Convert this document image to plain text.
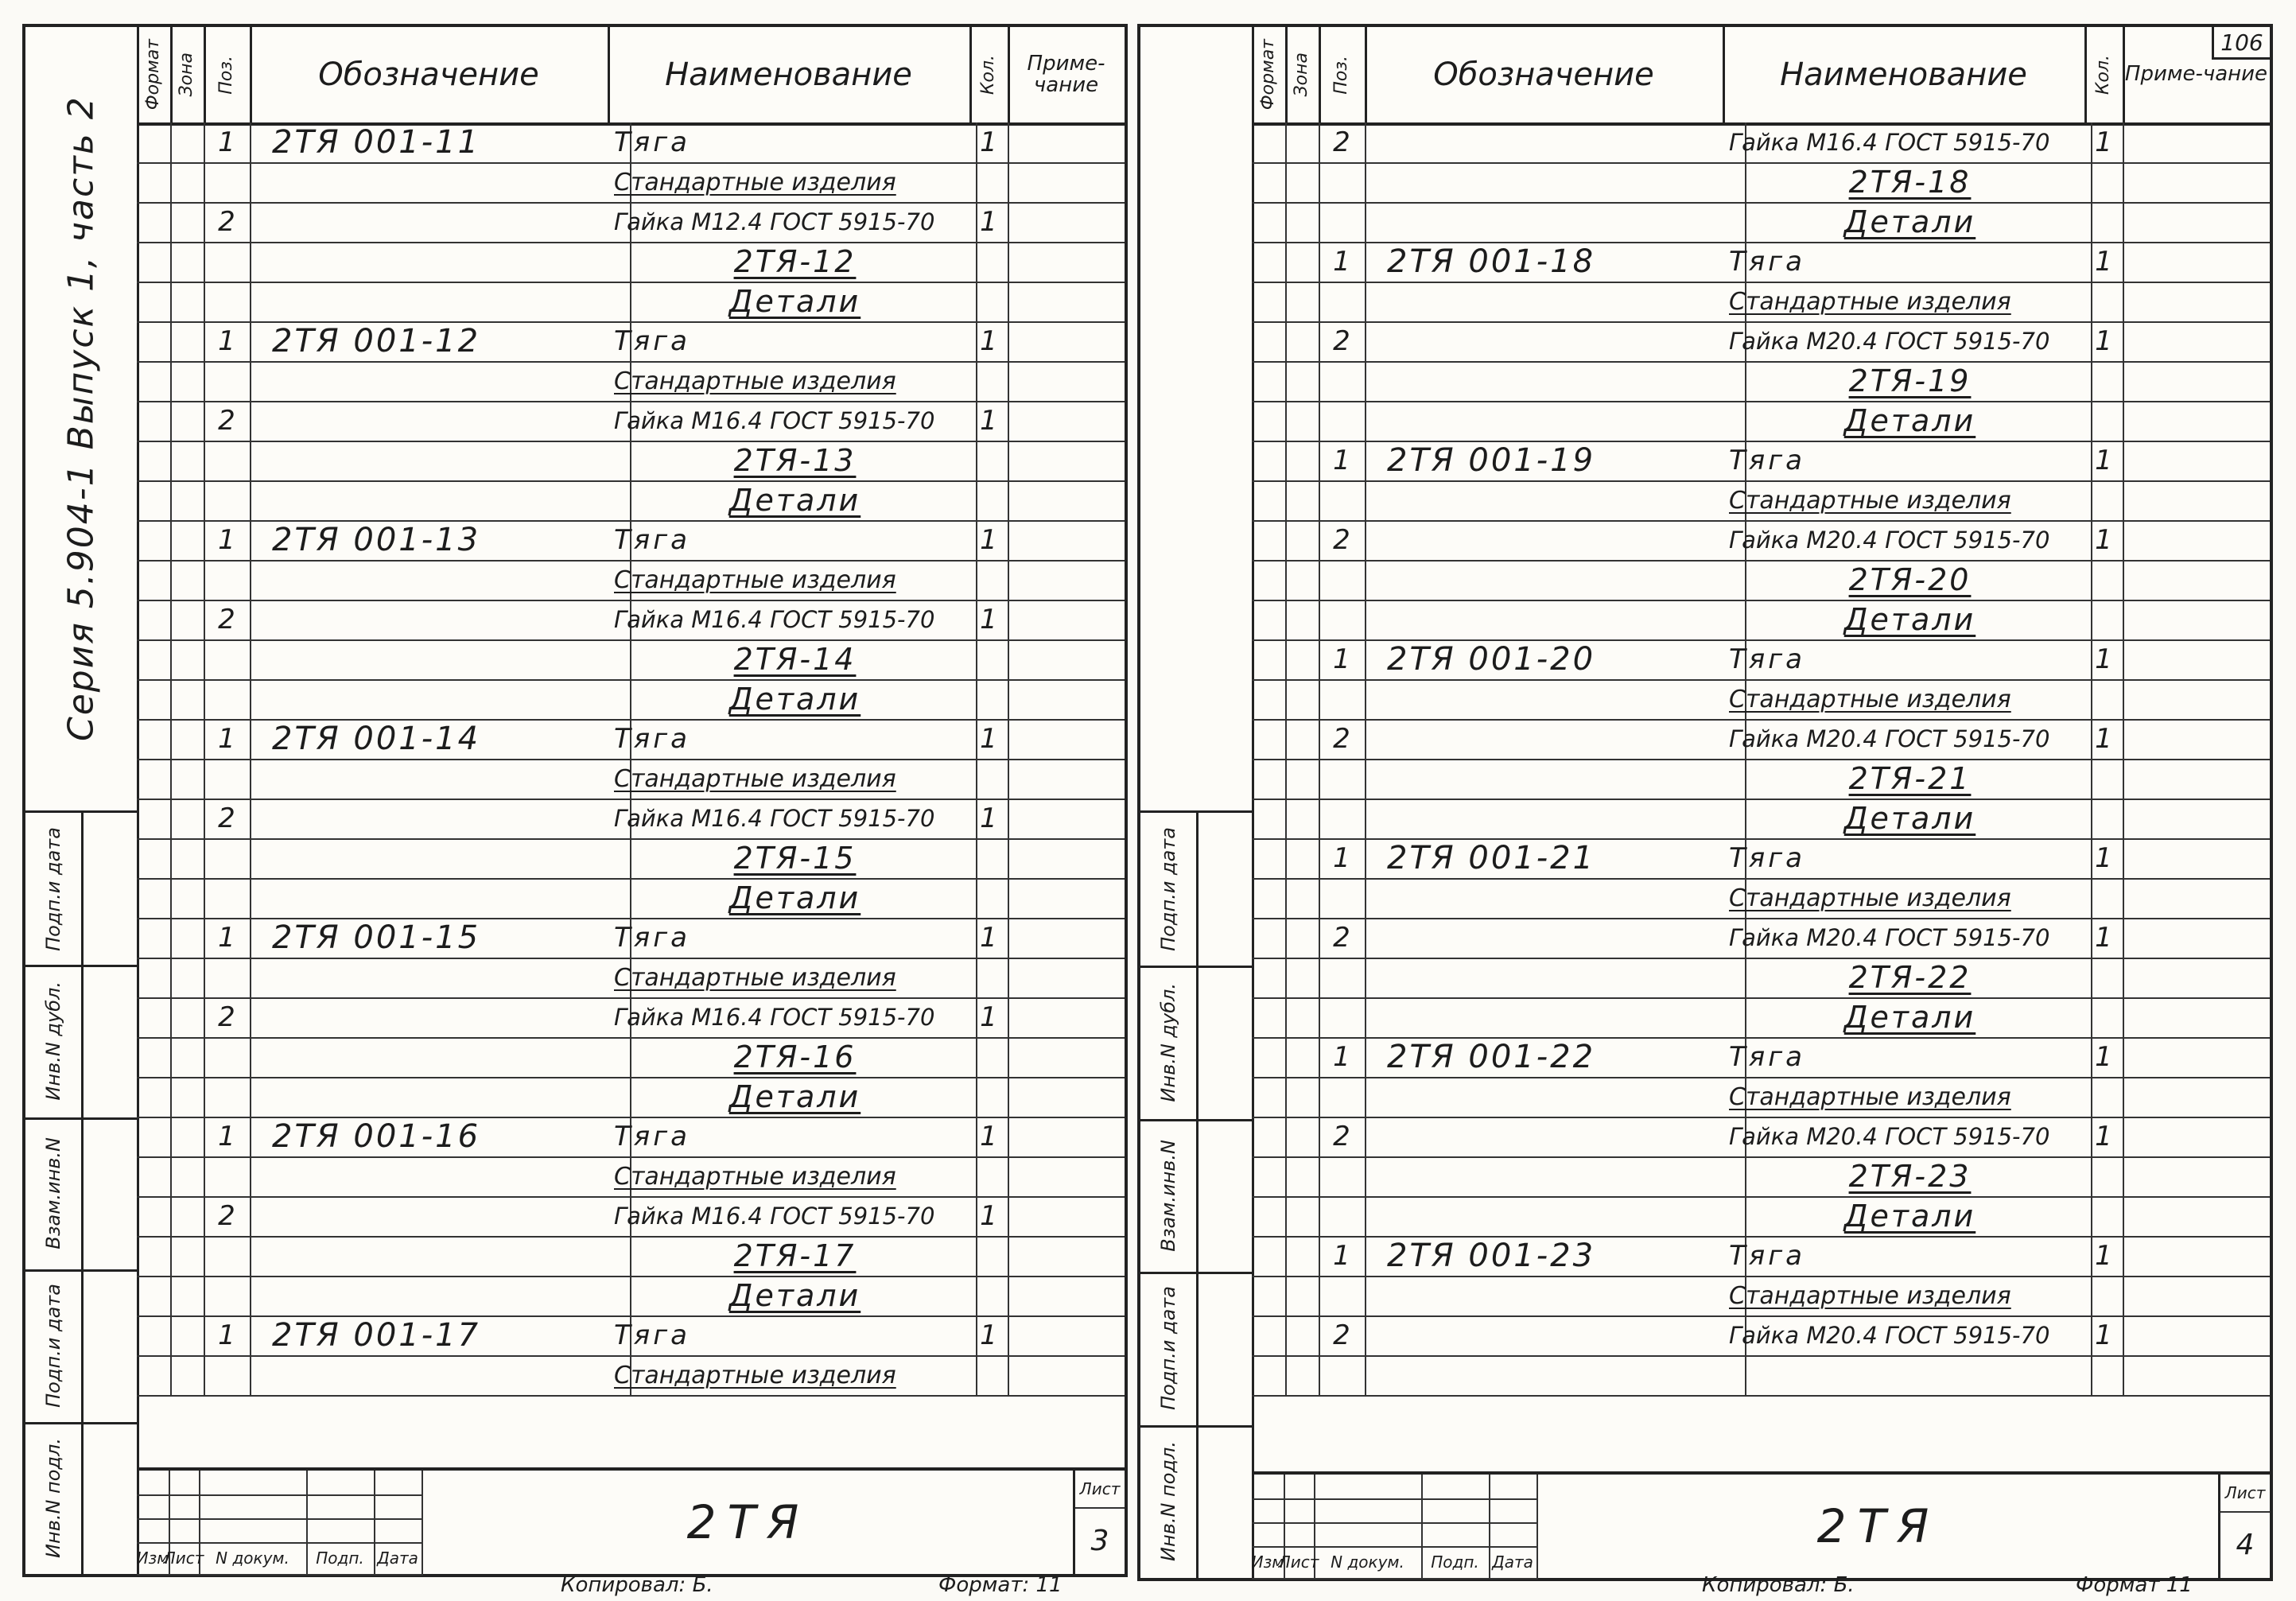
Серия 5.904-1 Выпуск 1, часть 2
Инв.N подл.
Подп.и дата
Взам.инв.N
Инв.N дубл.
Подп.и дата
Формат Зона Поз.	Обозначение	Наименование	Кол.	Приме-чание
1 2ТЯ 001-11	Тяга	1
Стандартные изделия
2	Гайка М12.4 ГОСТ 5915-70 1
2ТЯ-12
Детали
1 2ТЯ 001-12	Тяга	1
Стандартные изделия
2	Гайка М16.4 ГОСТ 5915-70 1
2ТЯ-13
Детали
1 2ТЯ 001-13	Тяга	1
Стандартные изделия
2	Гайка М16.4 ГОСТ 5915-70 1
2ТЯ-14
Детали
1 2ТЯ 001-14	Тяга	1
Стандартные изделия
2	Гайка М16.4 ГОСТ 5915-70 1
2ТЯ-15
Детали
1 2ТЯ 001-15	Тяга	1
Стандартные изделия
2	Гайка М16.4 ГОСТ 5915-70 1
2ТЯ-16
Детали
1 2ТЯ 001-16	Тяга	1
Стандартные изделия
2	Гайка М16.4 ГОСТ 5915-70 1
2ТЯ-17
Детали
1 2ТЯ 001-17	Тяга	1
Стандартные изделия
Изм
Лист N докум. Подп. Дата
2ТЯ
Лист
3
Копировал: Б.	Формат: 11
106
Инв.N подл.
Подп.и дата
Взам.инв.N
Инв.N дубл.
Подп.и дата
Формат Зона Поз.	Обозначение	Наименование	Кол. Приме-чание
2	Гайка М16.4 ГОСТ 5915-70 1
2ТЯ-18
Детали
1 2ТЯ 001-18	Тяга	1
Стандартные изделия
2	Гайка М20.4 ГОСТ 5915-70 1
2ТЯ-19
Детали
1 2ТЯ 001-19	Тяга	1
Стандартные изделия
2	Гайка М20.4 ГОСТ 5915-70 1
2ТЯ-20
Детали
1 2ТЯ 001-20	Тяга	1
Стандартные изделия
2	Гайка М20.4 ГОСТ 5915-70 1
2ТЯ-21
Детали
1 2ТЯ 001-21	Тяга	1
Стандартные изделия
2	Гайка М20.4 ГОСТ 5915-70 1
2ТЯ-22
Детали
1 2ТЯ 001-22	Тяга	1
Стандартные изделия
2	Гайка М20.4 ГОСТ 5915-70 1
2ТЯ-23
Детали
1 2ТЯ 001-23	Тяга	1
Стандартные изделия
2	Гайка М20.4 ГОСТ 5915-70 1
Изм
Лист N докум. Подп. Дата
2ТЯ
Лист
4
Копировал: Б.	Формат 11
